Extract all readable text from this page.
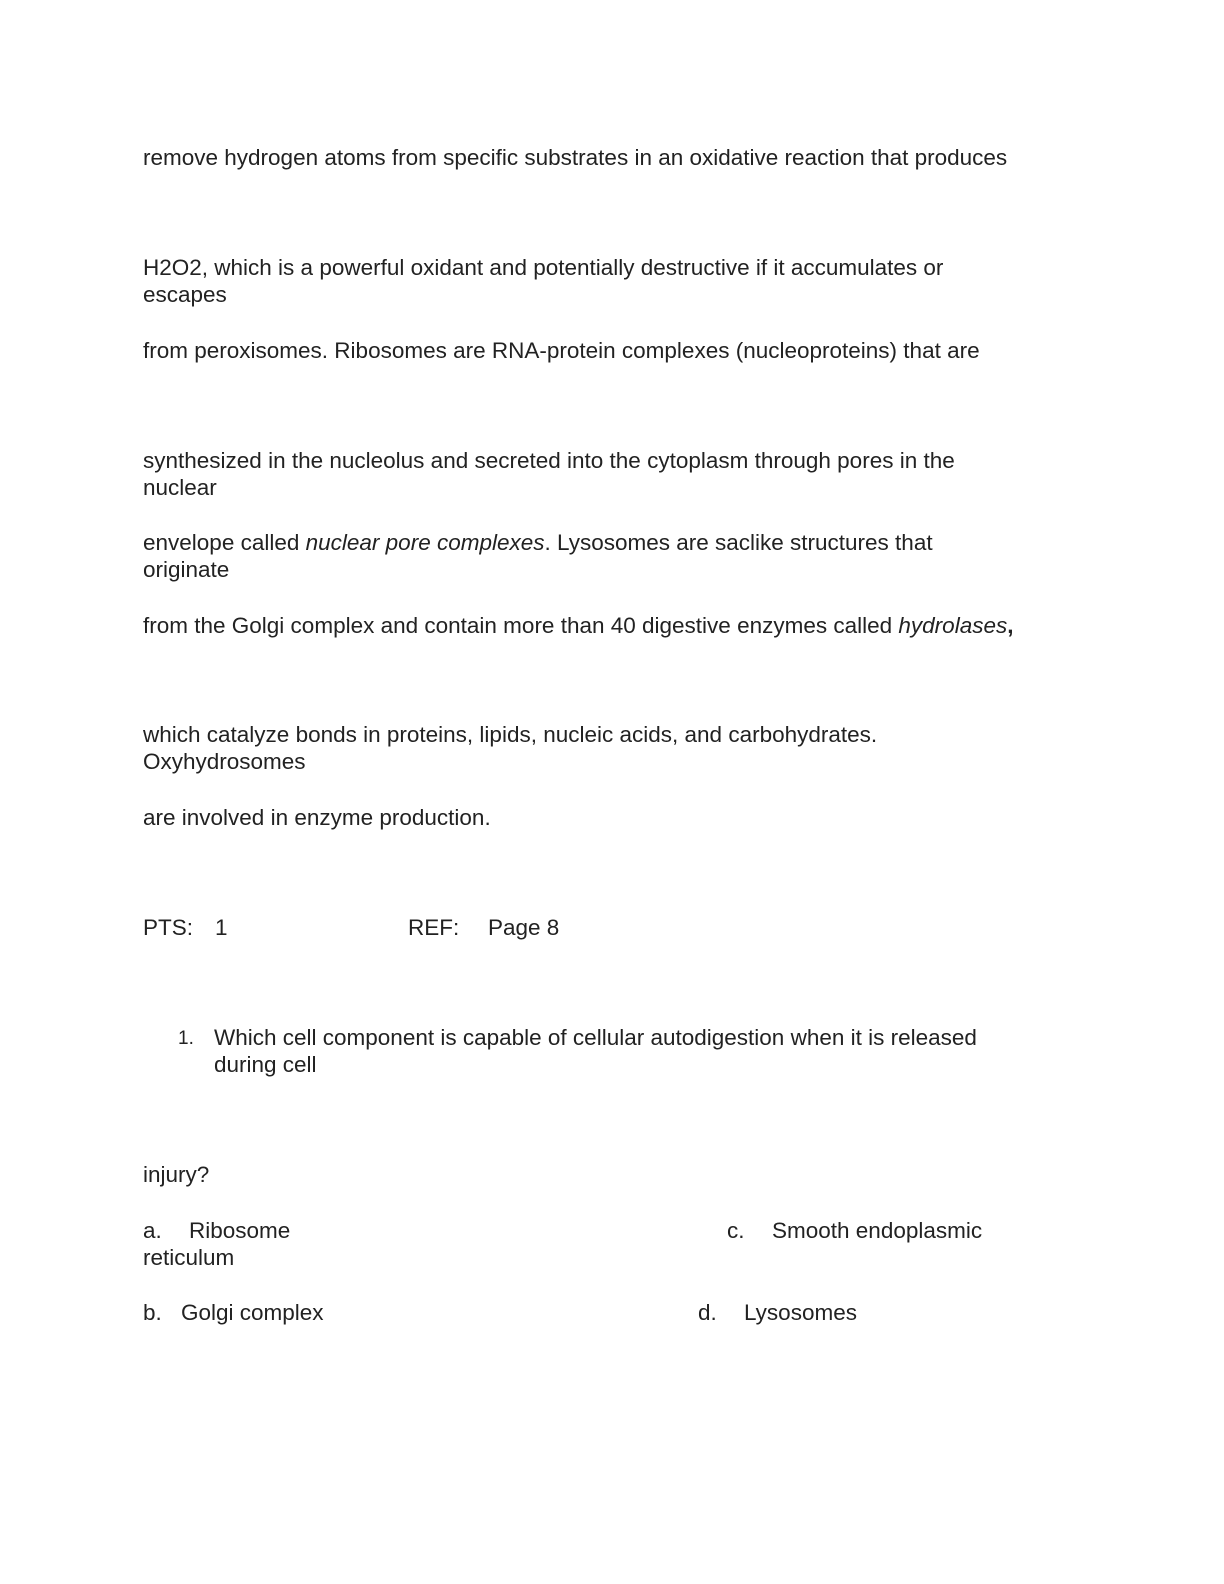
remove hydrogen atoms from specific substrates in an oxidative reaction that produces

H2O2, which is a powerful oxidant and potentially destructive if it accumulates or

escapes

from peroxisomes. Ribosomes are RNA-protein complexes (nucleoproteins) that are

synthesized in the nucleolus and secreted into the cytoplasm through pores in the

nuclear

envelope called nuclear pore complexes. Lysosomes are saclike structures that

originate

from the Golgi complex and contain more than 40 digestive enzymes called hydrolases,

which catalyze bonds in proteins, lipids, nucleic acids, and carbohydrates.

Oxyhydrosomes

are involved in enzyme production.

PTS: 1	REF: Page 8
1. Which cell component is capable of cellular autodigestion when it is released
during cell

injury?

a. Ribosome	c. Smooth endoplasmic
reticulum
b. Golgi complex	d. Lysosomes
